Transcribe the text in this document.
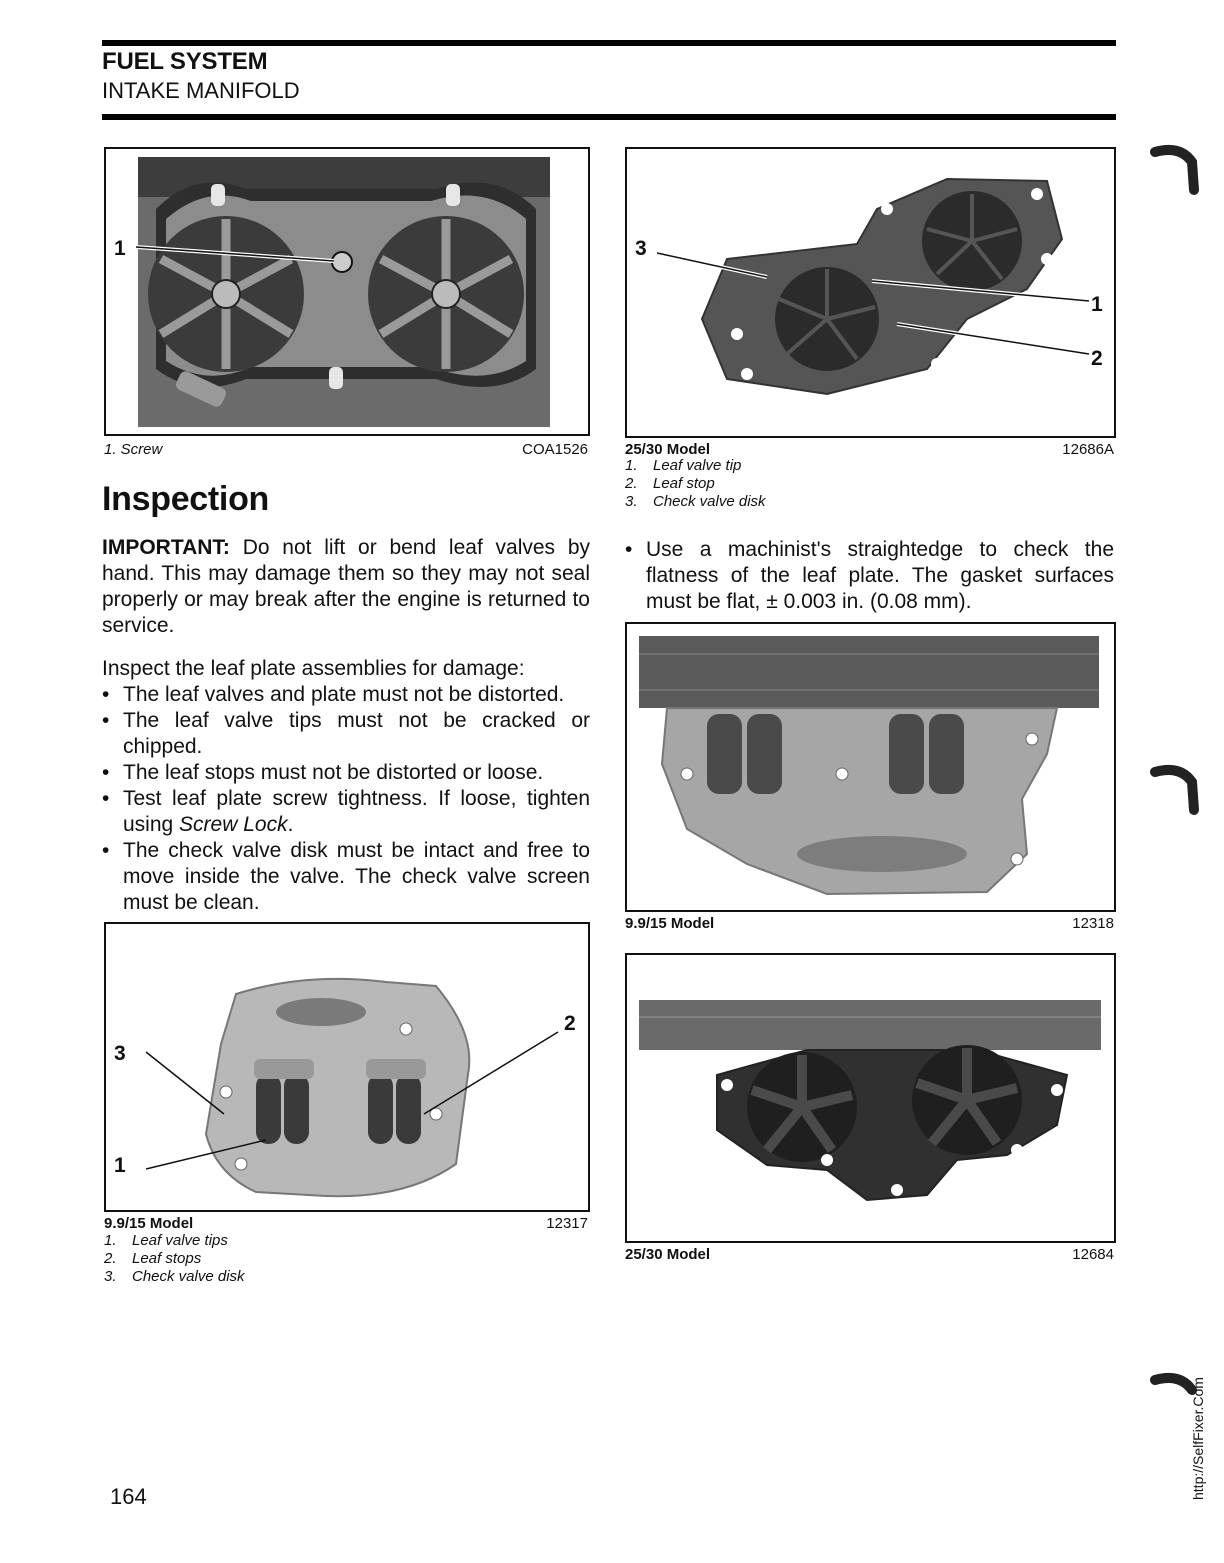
FUEL SYSTEM
INTAKE MANIFOLD
1
1. Screw	COA1526
Inspection
IMPORTANT: Do not lift or bend leaf valves by hand. This may damage them so they may not seal properly or may break after the engine is returned to service.
Inspect the leaf plate assemblies for damage:
• The leaf valves and plate must not be distorted.
• The leaf valve tips must not be cracked or chipped.
• The leaf stops must not be distorted or loose.
• Test leaf plate screw tightness. If loose, tighten using Screw Lock.
• The check valve disk must be intact and free to move inside the valve. The check valve screen must be clean.
3
2
1
9.9/15 Model	12317
1. Leaf valve tips
2. Leaf stops
3. Check valve disk
3
1
2
25/30 Model	12686A
1. Leaf valve tip
2. Leaf stop
3. Check valve disk
• Use a machinist's straightedge to check the flatness of the leaf plate. The gasket surfaces must be flat, ± 0.003 in. (0.08 mm).
9.9/15 Model	12318
25/30 Model	12684
164	http://SelfFixer.Com
